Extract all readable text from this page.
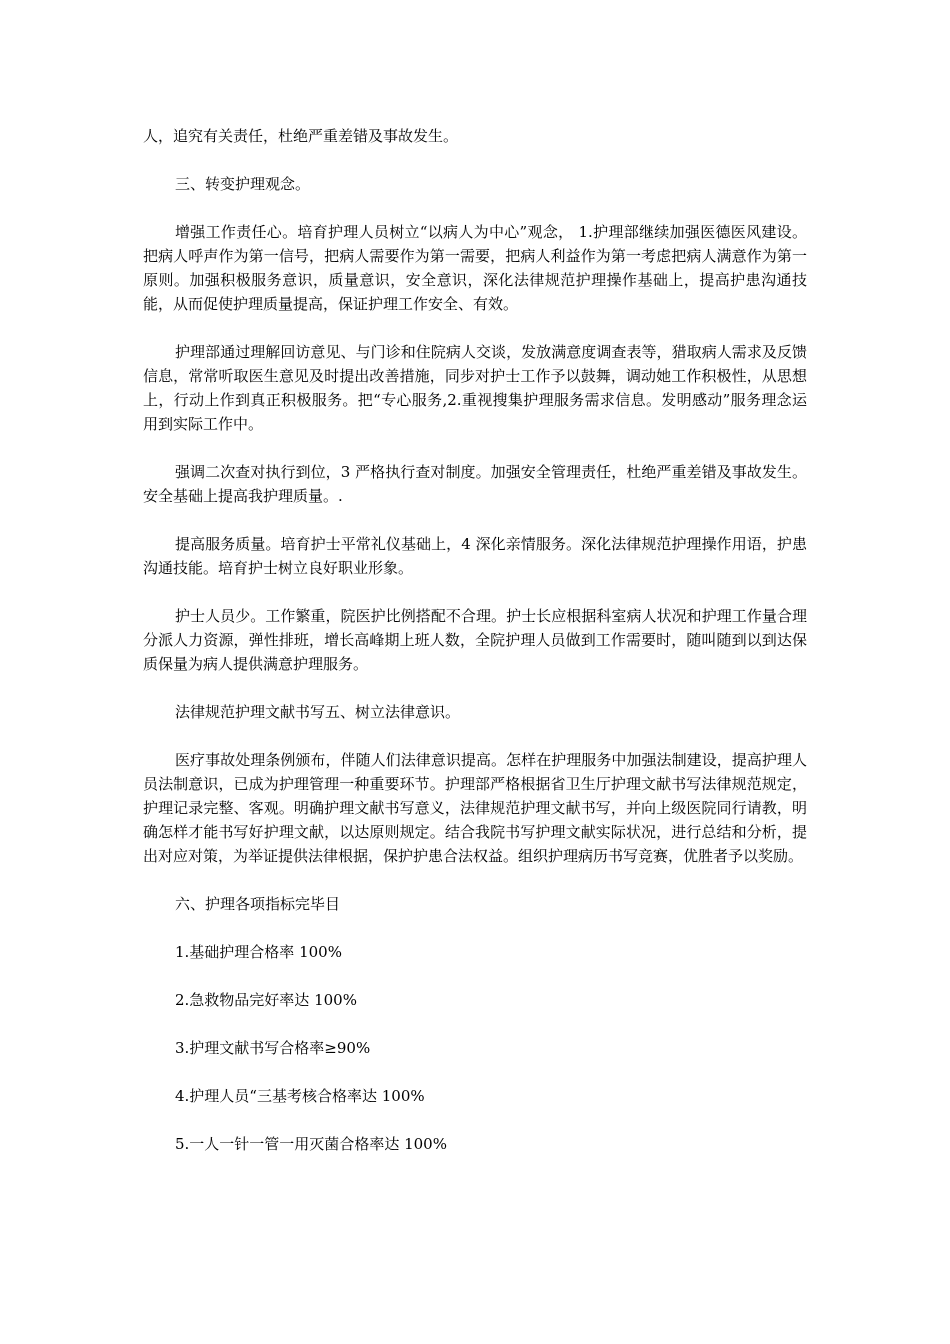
人，追究有关责任，杜绝严重差错及事故发生。

三、转变护理观念。

增强工作责任心。培育护理人员树立“以病人为中心”观念， 1.护理部继续加强医德医风建设。把病人呼声作为第一信号，把病人需要作为第一需要，把病人利益作为第一考虑把病人满意作为第一原则。加强积极服务意识，质量意识，安全意识，深化法律规范护理操作基础上，提高护患沟通技能，从而促使护理质量提高，保证护理工作安全、有效。

护理部通过理解回访意见、与门诊和住院病人交谈，发放满意度调查表等，猎取病人需求及反馈信息，常常听取医生意见及时提出改善措施，同步对护士工作予以鼓舞，调动她工作积极性，从思想上，行动上作到真正积极服务。把“专心服务,2.重视搜集护理服务需求信息。发明感动”服务理念运用到实际工作中。

强调二次查对执行到位，3 严格执行查对制度。加强安全管理责任，杜绝严重差错及事故发生。安全基础上提高我护理质量。.

提高服务质量。培育护士平常礼仪基础上，4 深化亲情服务。深化法律规范护理操作用语，护患沟通技能。培育护士树立良好职业形象。

护士人员少。工作繁重，院医护比例搭配不合理。护士长应根据科室病人状况和护理工作量合理分派人力资源，弹性排班，增长高峰期上班人数，全院护理人员做到工作需要时，随叫随到以到达保质保量为病人提供满意护理服务。

法律规范护理文献书写五、树立法律意识。

医疗事故处理条例颁布，伴随人们法律意识提高。怎样在护理服务中加强法制建设，提高护理人员法制意识，已成为护理管理一种重要环节。护理部严格根据省卫生厅护理文献书写法律规范规定，护理记录完整、客观。明确护理文献书写意义，法律规范护理文献书写，并向上级医院同行请教，明确怎样才能书写好护理文献，以达原则规定。结合我院书写护理文献实际状况，进行总结和分析，提出对应对策，为举证提供法律根据，保护护患合法权益。组织护理病历书写竞赛，优胜者予以奖励。

六、护理各项指标完毕目

1.基础护理合格率 100%

2.急救物品完好率达 100%

3.护理文献书写合格率≥90%

4.护理人员“三基考核合格率达 100%

5.一人一针一管一用灭菌合格率达 100%
